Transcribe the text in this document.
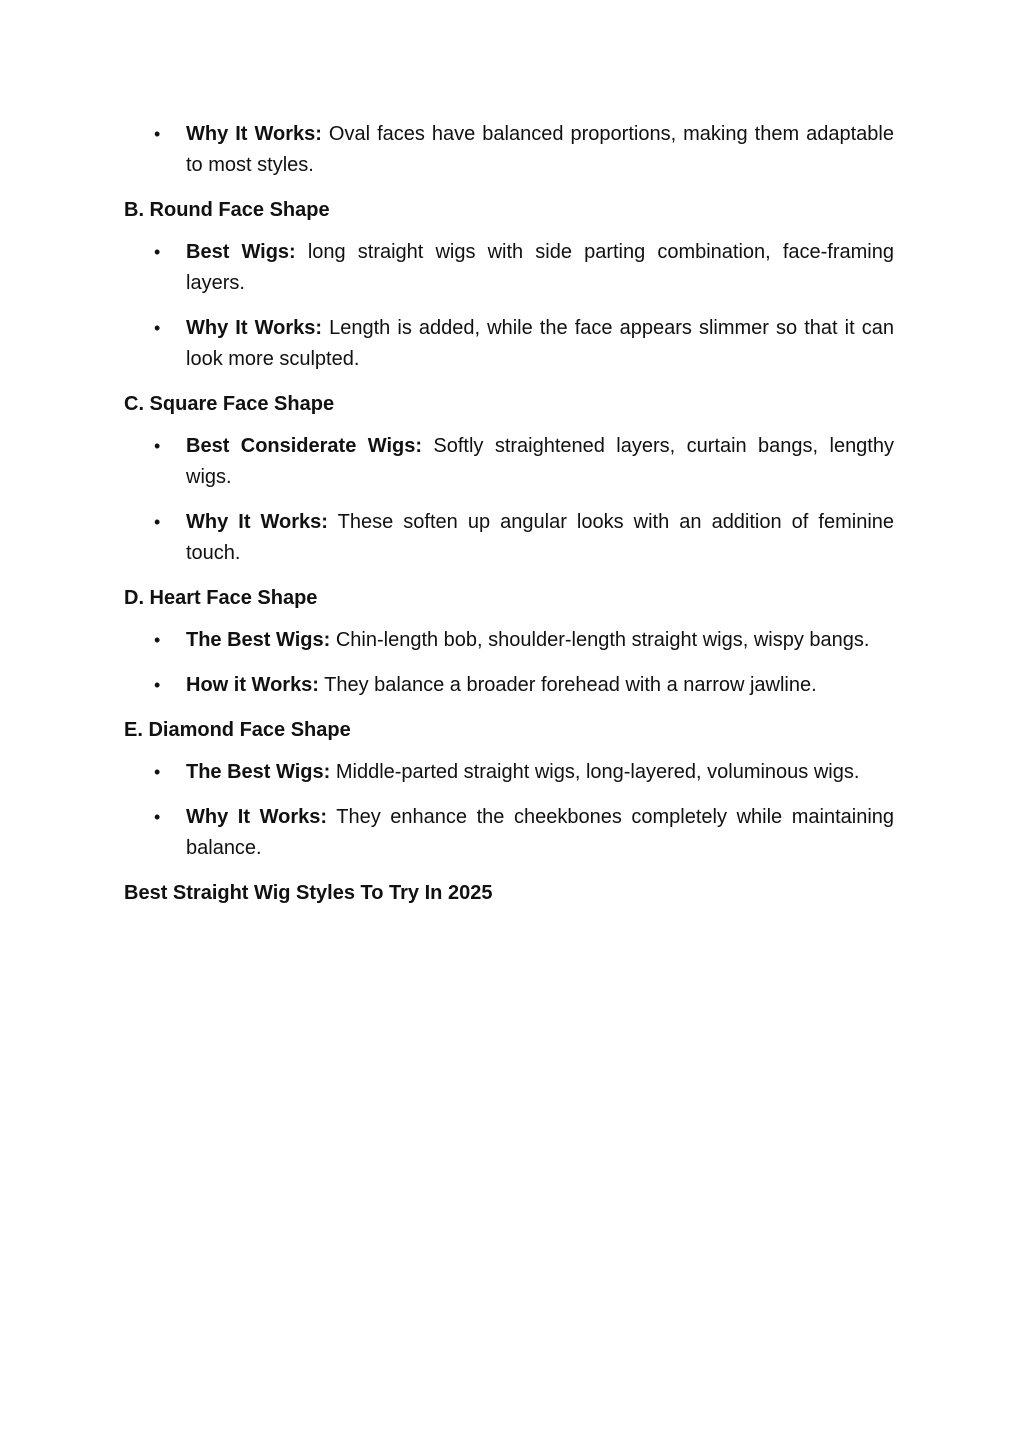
• Why It Works: Oval faces have balanced proportions, making them adaptable to most styles.
B. Round Face Shape
• Best Wigs: long straight wigs with side parting combination, face-framing layers.
• Why It Works: Length is added, while the face appears slimmer so that it can look more sculpted.
C. Square Face Shape
• Best Considerate Wigs: Softly straightened layers, curtain bangs, lengthy wigs.
• Why It Works: These soften up angular looks with an addition of feminine touch.
D. Heart Face Shape
• The Best Wigs: Chin-length bob, shoulder-length straight wigs, wispy bangs.
• How it Works: They balance a broader forehead with a narrow jawline.
E. Diamond Face Shape
• The Best Wigs: Middle-parted straight wigs, long-layered, voluminous wigs.
• Why It Works: They enhance the cheekbones completely while maintaining balance.
Best Straight Wig Styles To Try In 2025
